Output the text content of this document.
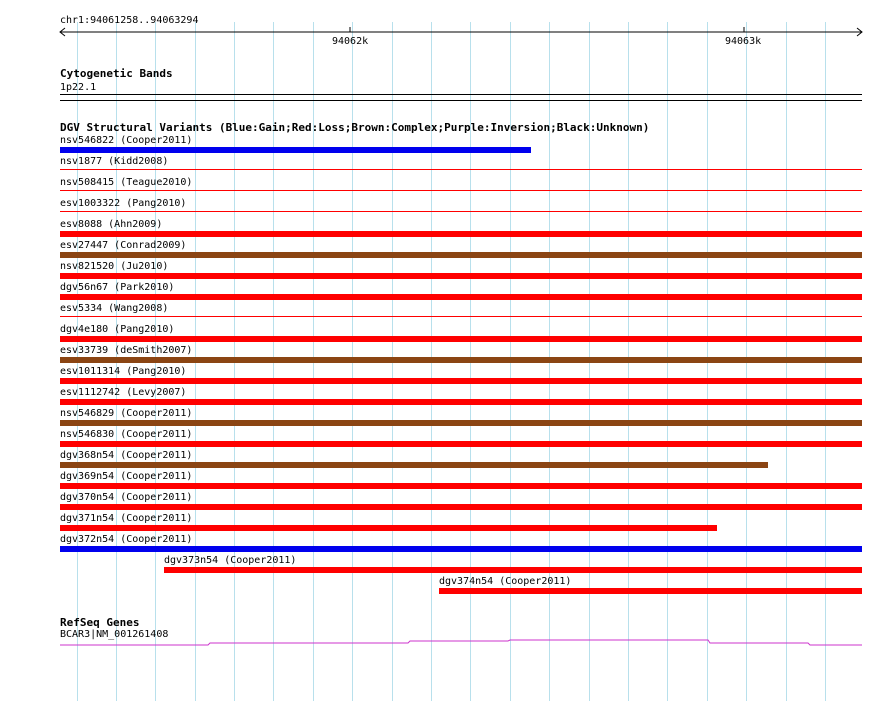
chr1:94061258..94063294
94062k	94063k
Cytogenetic Bands
1p22.1
DGV Structural Variants (Blue:Gain;Red:Loss;Brown:Complex;Purple:Inversion;Black:Unknown)
nsv546822 (Cooper2011)
nsv1877 (Kidd2008)
nsv508415 (Teague2010)
esv1003322 (Pang2010)
esv8088 (Ahn2009)
esv27447 (Conrad2009)
nsv821520 (Ju2010)
dgv56n67 (Park2010)
esv5334 (Wang2008)
dgv4e180 (Pang2010)
esv33739 (deSmith2007)
esv1011314 (Pang2010)
esv1112742 (Levy2007)
nsv546829 (Cooper2011)
nsv546830 (Cooper2011)
dgv368n54 (Cooper2011)
dgv369n54 (Cooper2011)
dgv370n54 (Cooper2011)
dgv371n54 (Cooper2011)
dgv372n54 (Cooper2011)
dgv373n54 (Cooper2011)
dgv374n54 (Cooper2011)
RefSeq Genes
BCAR3|NM_001261408
